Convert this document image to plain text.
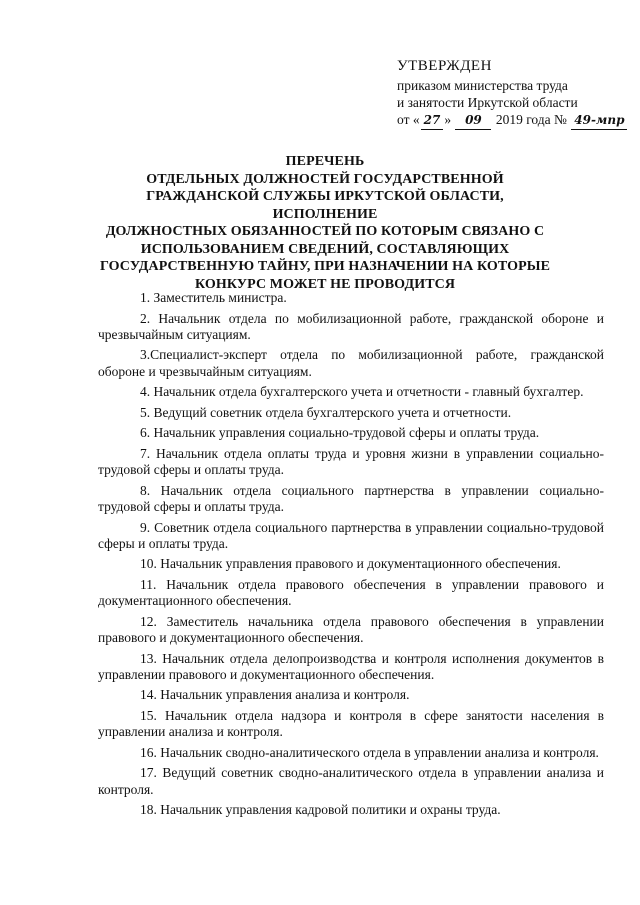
УТВЕРЖДЕН
приказом министерства труда
и занятости Иркутской области
от « 27 » 09 2019 года № 49-мпр
ПЕРЕЧЕНЬ
ОТДЕЛЬНЫХ ДОЛЖНОСТЕЙ ГОСУДАРСТВЕННОЙ
ГРАЖДАНСКОЙ СЛУЖБЫ ИРКУТСКОЙ ОБЛАСТИ, ИСПОЛНЕНИЕ
ДОЛЖНОСТНЫХ ОБЯЗАННОСТЕЙ ПО КОТОРЫМ СВЯЗАНО С
ИСПОЛЬЗОВАНИЕМ СВЕДЕНИЙ, СОСТАВЛЯЮЩИХ
ГОСУДАРСТВЕННУЮ ТАЙНУ, ПРИ НАЗНАЧЕНИИ НА КОТОРЫЕ
КОНКУРС МОЖЕТ НЕ ПРОВОДИТСЯ

1. Заместитель министра.

2. Начальник отдела по мобилизационной работе, гражданской обороне и чрезвычайным ситуациям.

3.Специалист-эксперт отдела по мобилизационной работе, гражданской обороне и чрезвычайным ситуациям.

4. Начальник отдела бухгалтерского учета и отчетности - главный бухгалтер.

5. Ведущий советник отдела бухгалтерского учета и отчетности.

6. Начальник управления социально-трудовой сферы и оплаты труда.

7. Начальник отдела оплаты труда и уровня жизни в управлении социально-трудовой сферы и оплаты труда.

8. Начальник отдела социального партнерства в управлении социально-трудовой сферы и оплаты труда.

9. Советник отдела социального партнерства в управлении социально-трудовой сферы и оплаты труда.

10. Начальник управления правового и документационного обеспечения.

11. Начальник отдела правового обеспечения в управлении правового и документационного обеспечения.

12. Заместитель начальника отдела правового обеспечения в управлении правового и документационного обеспечения.

13. Начальник отдела делопроизводства и контроля исполнения документов в управлении правового и документационного обеспечения.

14. Начальник управления анализа и контроля.

15. Начальник отдела надзора и контроля в сфере занятости населения в управлении анализа и контроля.

16. Начальник сводно-аналитического отдела в управлении анализа и контроля.

17. Ведущий советник сводно-аналитического отдела в управлении анализа и контроля.

18. Начальник управления кадровой политики и охраны труда.
